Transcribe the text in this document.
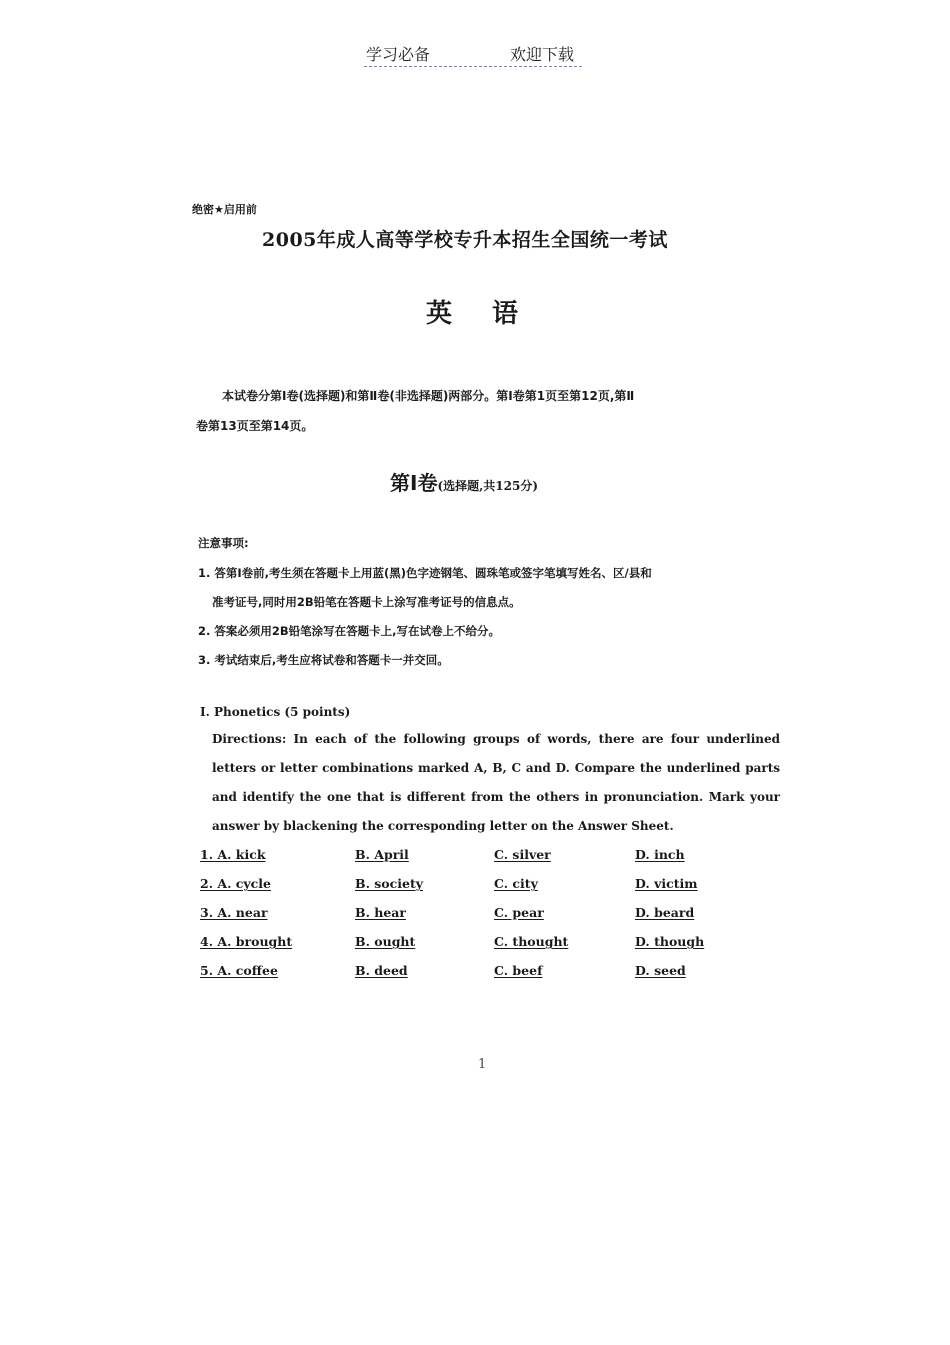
学习必备	欢迎下载
绝密★启用前
2005年成人高等学校专升本招生全国统一考试
英语
本试卷分第Ⅰ卷(选择题)和第Ⅱ卷(非选择题)两部分。第Ⅰ卷第1页至第12页,第Ⅱ
卷第13页至第14页。
第Ⅰ卷(选择题,共125分)
注意事项:
1. 答第Ⅰ卷前,考生须在答题卡上用蓝(黑)色字迹钢笔、圆珠笔或签字笔填写姓名、区/县和
准考证号,同时用2B铅笔在答题卡上涂写准考证号的信息点。
2. 答案必须用2B铅笔涂写在答题卡上,写在试卷上不给分。
3. 考试结束后,考生应将试卷和答题卡一并交回。
I. Phonetics (5 points)
Directions: In each of the following groups of words, there are four underlined letters or letter combinations marked A, B, C and D. Compare the underlined parts and identify the one that is different from the others in pronunciation. Mark your answer by blackening the corresponding letter on the Answer Sheet.
1. A. kick	B. April	C. silver	D. inch
2. A. cycle	B. society	C. city	D. victim
3. A. near	B. hear	C. pear	D. beard
4. A. brought	B. ought	C. thought	D. though
5. A. coffee	B. deed	C. beef	D. seed
1
